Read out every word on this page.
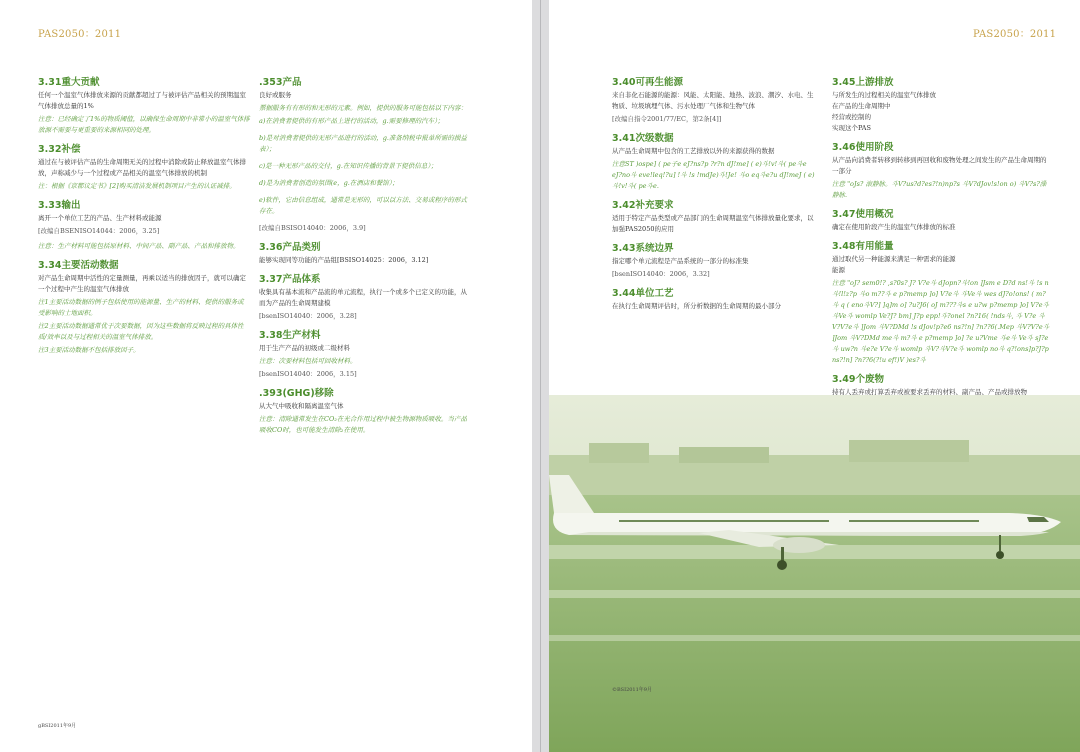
PAS2050：2011
3.31重大贡献
任何一个温室气体排放来源的贡献都超过了与被评估产品相关的预期温室气体排放总量的1%
注意：已经确定了1%的物质阈值，以确保生命周期中非常小的温室气体排放源不需要与更重要的来源相同的处理。
3.32补偿
通过在与被评估产品的生命周期无关的过程中消除或防止释放温室气体排放，声称减少与一个过程或产品相关的温室气体排放的机制
注：根据《京都议定书》[2]购买清洁发展机制项目产生的认证减排。
3.33输出
离开一个单位工艺的产品、生产材料或能源
[改编自BSENISO14044：2006，3.25]
注意：生产材料可能包括原材料、中间产品、副产品、产品和排放物。
3.34主要活动数据
对产品生命周期中活性的定量测量，再乘以适当的排放因子，就可以确定一个过程中产生的温室气体排放
注1主要活动数据的例子包括使用的能源量、生产的材料、提供的服务或受影响的土地面积。
注2主要活动数据通常优于次要数据，因为这些数据将反映过程的具体性质/效率以及与过程相关的温室气体排放。
注3主要活动数据不包括排放因子。
.353产品
良好或服务
票据服务有有形的和无形的元素。例如，提供的服务可能包括以下内容：
a)在消费者提供的有形产品上进行的活动，g.需要修理的汽车）；
b)是对消费者提供的无形产品进行的活动，g.准备纳税申报单所需的损益表）；
c)是一种无形产品的交付，g.在知识传播的背景下提供信息）；
d)是为消费者创造的氛围(e，g.在酒店和餐馆）；
e)软件，它由信息组成，通常是无形的，可以以方法、交易或程序的形式存在。
[改编自BSISO14040：2006，3.9]
3.36产品类别
能够实现同等功能的产品组[BSISO14025：2006，3.12]
3.37产品体系
收集具有基本流和产品流的单元流程，执行一个或多个已定义的功能，从而为产品的生命周期建模
[bsenISO14040：2006，3.28]
3.38生产材料
用于生产产品的初级或二级材料
注意：次要材料包括可回收材料。
[bsenISO14040：2006，3.15]
.393(GHG)移除
从大气中吸收和隔离温室气体
注意：清除通常发生在CO₂在光合作用过程中被生物源物质吸收。当产品吸收CO时，也可能发生清除₂在使用。
gBSI2011年9月
PAS2050：2011
3.40可再生能源
来自非化石能源的能源：风能、太阳能、地热、波浪、潮汐、水电、生物质、垃圾填埋气体、污水处理厂气体和生物气体
[改编自指令2001/77/EC，第2条[4]]
3.41次级数据
从产品生命周期中包含的工艺排放以外的来源获得的数据
注意ST )ospe] ( pe子e eJ?ns?p ?r?n dJ!me] ( e)斗!v!斗( pe斗e eJ?no斗 eve!leq!?u] !斗 !s !mdJe)斗!Je! 斗o eq斗e?u dJ!meJ ( e)斗!v!斗( pe斗e.
3.42补充要求
适用于特定产品类型或产品部门的生命周期温室气体排放量化要求，以加强PAS2050的应用
3.43系统边界
指定哪个单元流程是产品系统的一部分的标准集
[bsenISO14040：2006，3.32]
3.44单位工艺
在执行生命周期评估时，所分析数据的生命周期的最小部分
3.45上游排放
与所发生的过程相关的温室气体排放
在产品的生命周期中
经营或控制的
实现这个PAS
3.46使用阶段
从产品向消费者转移到转移到再回收和废物处理之间发生的产品生命周期的一部分
注意 "oJs? 滚静脉。斗V?us?d?es?!n)np?s 斗V?dJov!s!on o) 斗V?s?澡静脉.
3.47使用概况
确定在使用阶段产生的温室气体排放的标准
3.48有用能量
通过取代另一种能源来满足一种需求的能源
能源
注意 "oJ? sem0!? ,s?0s? J? V?e斗 dJopn?斗!on ]Jsm e D?d ns!斗 !s n斗!l!z?p 斗o m??斗 e p?memp ]o] V?e斗 斗Ve斗 wes dJ?o!ons! ( m?斗 q ( eno斗V?] ]q]m o] ?u?J6( oJ m???斗s e u?w p?memp ]o] V?e斗 斗Ve斗 womlp Ve?J? bm] J?p epp!斗?onel ?n?16( !nds斗, 斗 V?e 斗V?V?e斗 ]Jom 斗V?DMd !s dJov!p?e6 ns?!n] ?n??6(.Mep 斗V?V?e斗 ]Jom 斗V?DMd me斗 m?斗 e p?memp ]o] ?e u?Vme 斗e斗 Ve斗 sJ?e 斗 uw?n 斗e?e V?e斗 womlp 斗V?斗V?e斗 womlp no斗 q?!ons]p?J?p ns?!n] ?n??6(?!u ef!)V )es?斗
3.49个废物
持有人丢弃或打算丢弃或被要求丢弃的材料、副产品、产品或排放物
©BSI2011年9月
